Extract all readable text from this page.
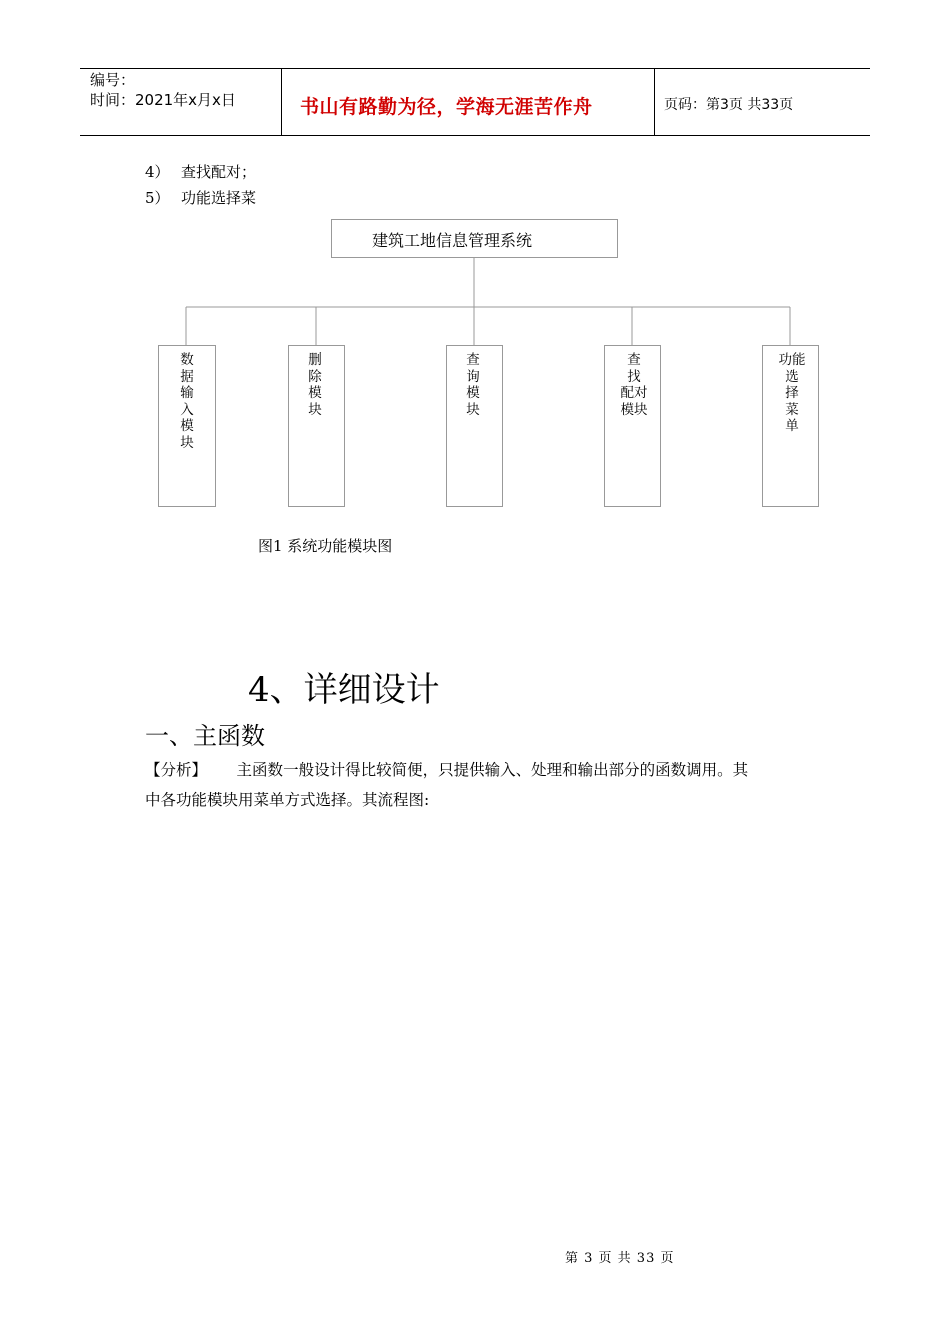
编号：
时间：2021年x月x日	书山有路勤为径，学海无涯苦作舟	页码：第3页 共33页
4） 查找配对；
5） 功能选择菜
建筑工地信息管理系统
数
据
输
入
模
块
删
除
模
块
查
询
模
块
查
找
配对
模块
功能
选
择
菜
单
图1 系统功能模块图
4、详细设计
一、主函数
【分析】      主函数一般设计得比较简便，只提供输入、处理和输出部分的函数调用。其
中各功能模块用菜单方式选择。其流程图:
第 3 页 共 33 页
